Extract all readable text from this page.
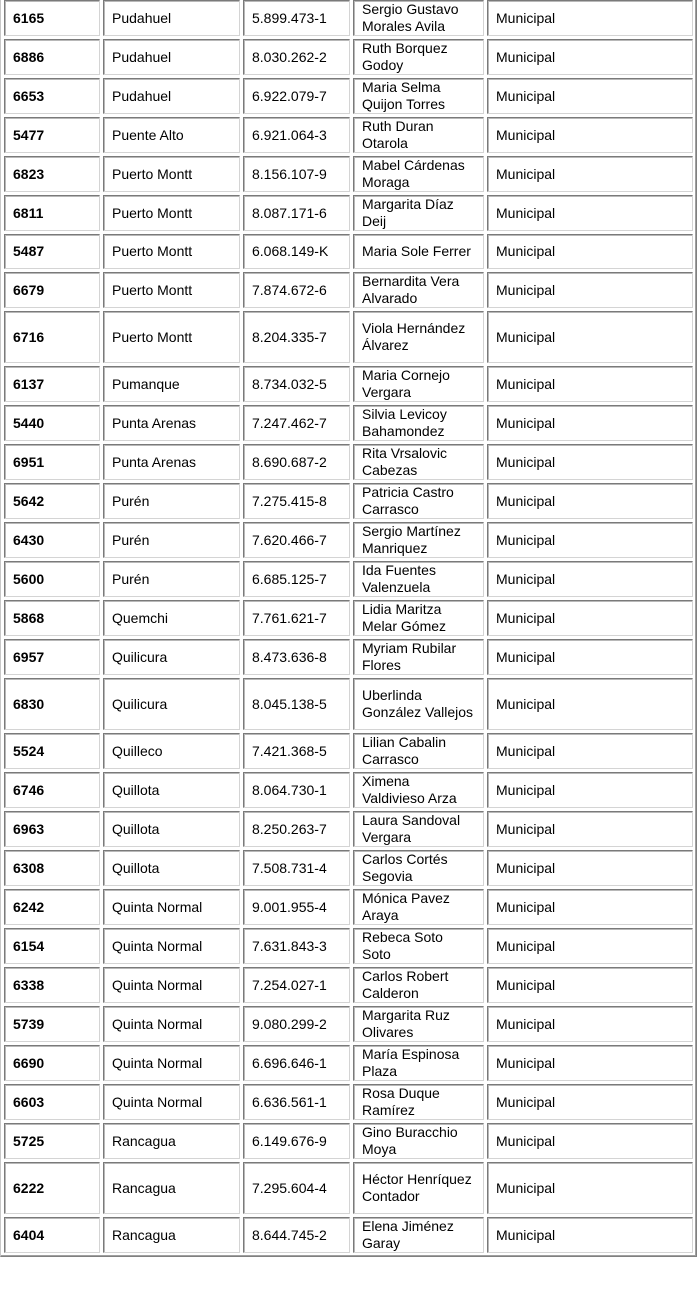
6165	Pudahuel	5.899.473-1	Sergio Gustavo Morales Avila	Municipal
6886	Pudahuel	8.030.262-2	Ruth Borquez Godoy	Municipal
6653	Pudahuel	6.922.079-7	Maria Selma Quijon Torres	Municipal
5477	Puente Alto	6.921.064-3	Ruth Duran Otarola	Municipal
6823	Puerto Montt	8.156.107-9	Mabel Cárdenas Moraga	Municipal
6811	Puerto Montt	8.087.171-6	Margarita Díaz Deij	Municipal
5487	Puerto Montt	6.068.149-K	Maria Sole Ferrer	Municipal
6679	Puerto Montt	7.874.672-6	Bernardita Vera Alvarado	Municipal
6716	Puerto Montt	8.204.335-7	Viola Hernández Álvarez	Municipal
6137	Pumanque	8.734.032-5	Maria Cornejo Vergara	Municipal
5440	Punta Arenas	7.247.462-7	Silvia Levicoy Bahamondez	Municipal
6951	Punta Arenas	8.690.687-2	Rita Vrsalovic Cabezas	Municipal
5642	Purén	7.275.415-8	Patricia Castro Carrasco	Municipal
6430	Purén	7.620.466-7	Sergio Martínez Manriquez	Municipal
5600	Purén	6.685.125-7	Ida Fuentes Valenzuela	Municipal
5868	Quemchi	7.761.621-7	Lidia Maritza Melar Gómez	Municipal
6957	Quilicura	8.473.636-8	Myriam Rubilar Flores	Municipal
6830	Quilicura	8.045.138-5	Uberlinda González Vallejos	Municipal
5524	Quilleco	7.421.368-5	Lilian Cabalin Carrasco	Municipal
6746	Quillota	8.064.730-1	Ximena Valdivieso Arza	Municipal
6963	Quillota	8.250.263-7	Laura Sandoval Vergara	Municipal
6308	Quillota	7.508.731-4	Carlos Cortés Segovia	Municipal
6242	Quinta Normal	9.001.955-4	Mónica Pavez Araya	Municipal
6154	Quinta Normal	7.631.843-3	Rebeca Soto Soto	Municipal
6338	Quinta Normal	7.254.027-1	Carlos Robert Calderon	Municipal
5739	Quinta Normal	9.080.299-2	Margarita Ruz Olivares	Municipal
6690	Quinta Normal	6.696.646-1	María Espinosa Plaza	Municipal
6603	Quinta Normal	6.636.561-1	Rosa Duque Ramírez	Municipal
5725	Rancagua	6.149.676-9	Gino Buracchio Moya	Municipal
6222	Rancagua	7.295.604-4	Héctor Henríquez Contador	Municipal
6404	Rancagua	8.644.745-2	Elena Jiménez Garay	Municipal
